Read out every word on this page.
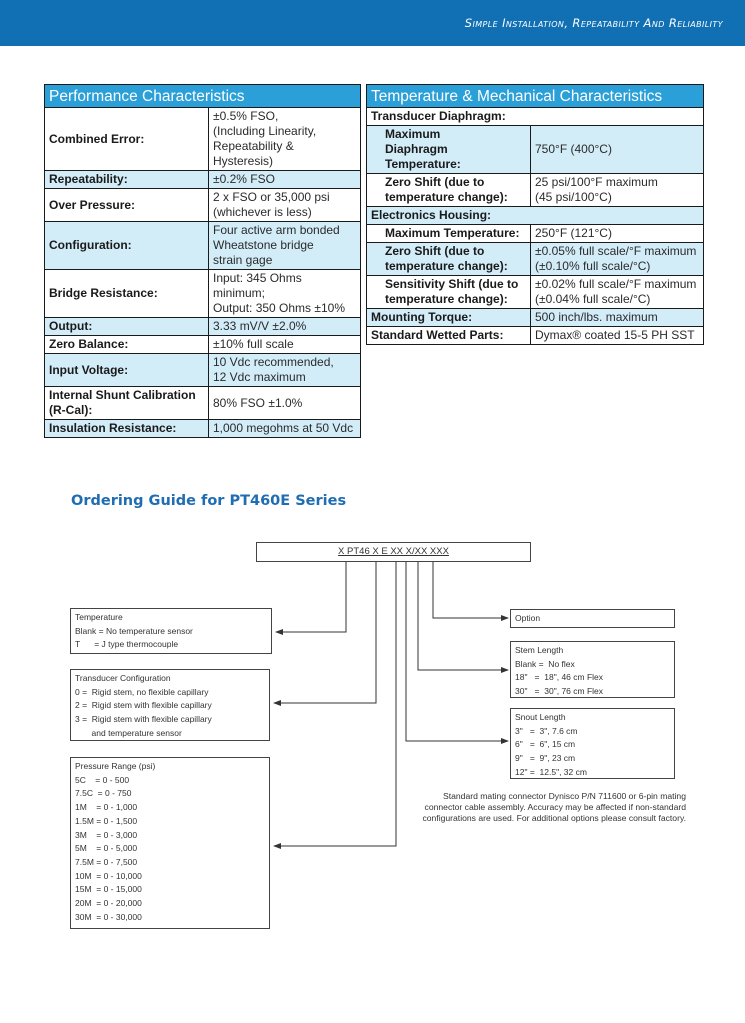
Simple Installation, Repeatability And Reliability
Performance Characteristics	
Combined Error:	±0.5% FSO,
(Including Linearity,
Repeatability & Hysteresis)
Repeatability:	±0.2% FSO
Over Pressure:	2 x FSO or 35,000 psi
(whichever is less)
Configuration:	Four active arm bonded
Wheatstone bridge
strain gage
Bridge Resistance:	Input: 345 Ohms minimum;
Output: 350 Ohms ±10%
Output:	3.33 mV/V ±2.0%
Zero Balance:	±10% full scale
Input Voltage:	10 Vdc recommended,
12 Vdc maximum
Internal Shunt Calibration
(R-Cal):	80% FSO ±1.0%
Insulation Resistance:	1,000 megohms at 50 Vdc
Temperature & Mechanical Characteristics	
Transducer Diaphragm:	
Maximum
Diaphragm Temperature:	750°F (400°C)
Zero Shift (due to
temperature change):	25 psi/100°F maximum
(45 psi/100°C)
Electronics Housing:	
Maximum Temperature:	250°F (121°C)
Zero Shift (due to
temperature change):	±0.05% full scale/°F maximum
(±0.10% full scale/°C)
Sensitivity Shift (due to
temperature change):	±0.02% full scale/°F maximum
(±0.04% full scale/°C)
Mounting Torque:	500 inch/lbs. maximum
Standard Wetted Parts:	Dymax® coated 15-5 PH SST
Ordering Guide for PT460E Series
X PT46 X E XX X/XX XXX
Temperature
Blank = No temperature sensor
T      = J type thermocouple
Transducer Configuration
0 =  Rigid stem, no flexible capillary
2 =  Rigid stem with flexible capillary
3 =  Rigid stem with flexible capillary
and temperature sensor
Pressure Range (psi)
5C    = 0 - 500
7.5C  = 0 - 750
1M    = 0 - 1,000
1.5M = 0 - 1,500
3M    = 0 - 3,000
5M    = 0 - 5,000
7.5M = 0 - 7,500
10M  = 0 - 10,000
15M  = 0 - 15,000
20M  = 0 - 20,000
30M  = 0 - 30,000
Option
Stem Length
Blank =  No flex
18"   =  18", 46 cm Flex
30"   =  30", 76 cm Flex
Snout Length
3"   =  3", 7.6 cm
6"   =  6", 15 cm
9"   =  9", 23 cm
12" =  12.5", 32 cm
Standard mating connector Dynisco P/N 711600 or 6-pin mating
connector cable assembly. Accuracy may be affected if non-standard
configurations are used. For additional options please consult factory.
